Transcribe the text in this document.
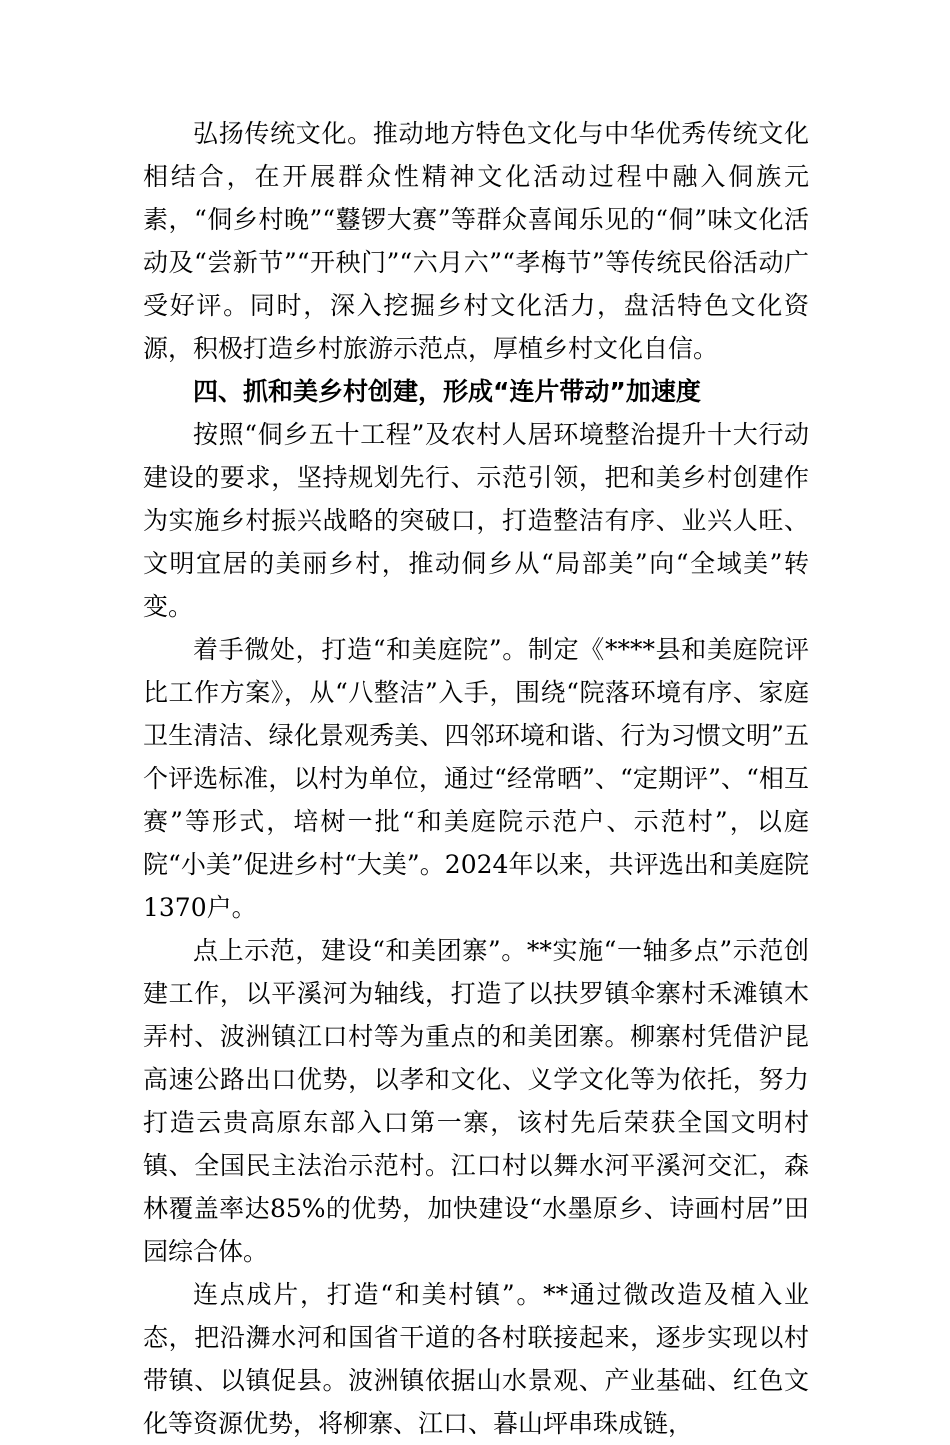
弘扬传统文化。推动地方特色文化与中华优秀传统文化相结合，在开展群众性精神文化活动过程中融入侗族元素，“侗乡村晚”“鼟锣大赛”等群众喜闻乐见的“侗”味文化活动及“尝新节”“开秧门”“六月六”“孝梅节”等传统民俗活动广受好评。同时，深入挖掘乡村文化活力，盘活特色文化资源，积极打造乡村旅游示范点，厚植乡村文化自信。

四、抓和美乡村创建，形成“连片带动”加速度

按照“侗乡五十工程”及农村人居环境整治提升十大行动建设的要求，坚持规划先行、示范引领，把和美乡村创建作为实施乡村振兴战略的突破口，打造整洁有序、业兴人旺、文明宜居的美丽乡村，推动侗乡从“局部美”向“全域美”转变。

着手微处，打造“和美庭院”。制定《****县和美庭院评比工作方案》，从“八整洁”入手，围绕“院落环境有序、家庭卫生清洁、绿化景观秀美、四邻环境和谐、行为习惯文明”五个评选标准，以村为单位，通过“经常晒”、“定期评”、“相互赛”等形式，培树一批“和美庭院示范户、示范村”，以庭院“小美”促进乡村“大美”。2024年以来，共评选出和美庭院1370户。

点上示范，建设“和美团寨”。**实施“一轴多点”示范创建工作，以平溪河为轴线，打造了以扶罗镇伞寨村禾滩镇木弄村、波洲镇江口村等为重点的和美团寨。柳寨村凭借沪昆高速公路出口优势，以孝和文化、义学文化等为依托，努力打造云贵高原东部入口第一寨，该村先后荣获全国文明村镇、全国民主法治示范村。江口村以舞水河平溪河交汇，森林覆盖率达85%的优势，加快建设“水墨原乡、诗画村居”田园综合体。

连点成片，打造“和美村镇”。**通过微改造及植入业态，把沿㵲水河和国省干道的各村联接起来，逐步实现以村带镇、以镇促县。波洲镇依据山水景观、产业基础、红色文化等资源优势，将柳寨、江口、暮山坪串珠成链，
